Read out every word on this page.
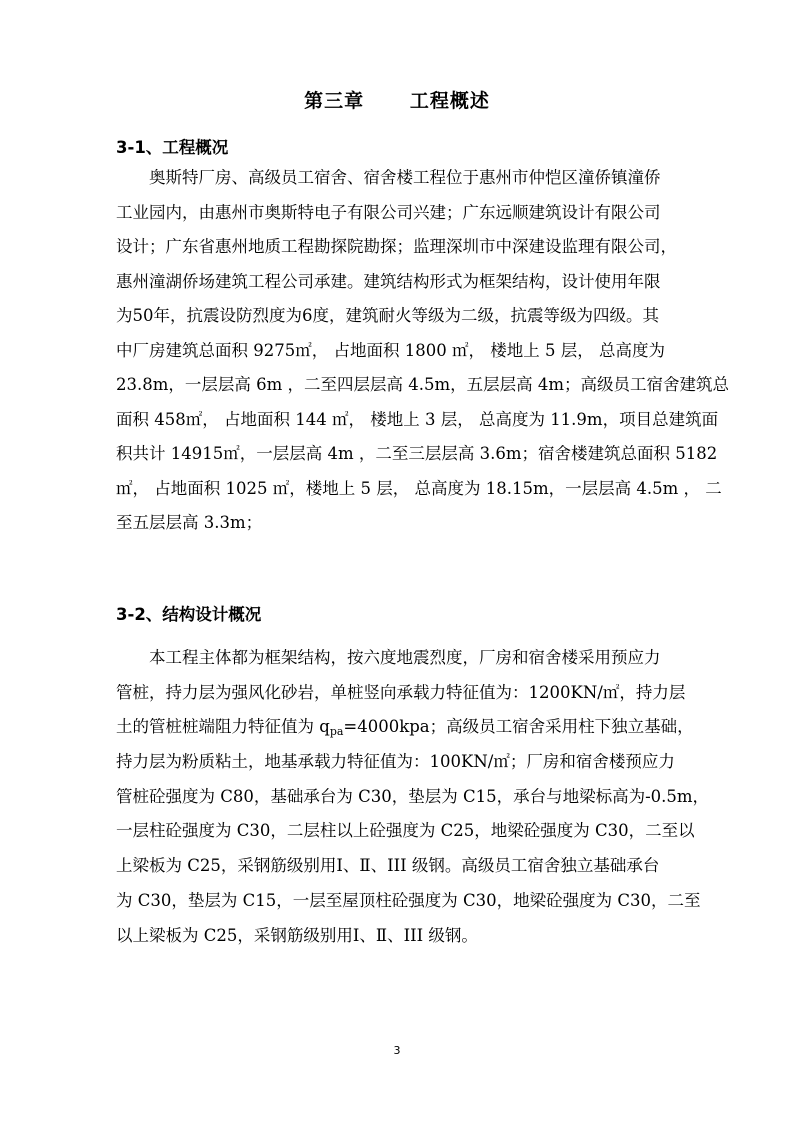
第三章      工程概述
3-1、工程概况
奥斯特厂房、高级员工宿舍、宿舍楼工程位于惠州市仲恺区潼侨镇潼侨
工业园内，由惠州市奥斯特电子有限公司兴建；广东远顺建筑设计有限公司
设计；广东省惠州地质工程勘探院勘探；监理深圳市中深建设监理有限公司，
惠州潼湖侨场建筑工程公司承建。建筑结构形式为框架结构，设计使用年限
为50年，抗震设防烈度为6度，建筑耐火等级为二级，抗震等级为四级。其
中厂房建筑总面积 9275㎡， 占地面积 1800 ㎡， 楼地上 5 层， 总高度为
23.8m，一层层高 6m ，二至四层层高 4.5m，五层层高 4m；高级员工宿舍建筑总
面积 458㎡， 占地面积 144 ㎡， 楼地上 3 层， 总高度为 11.9m，项目总建筑面
积共计 14915㎡，一层层高 4m ，二至三层层高 3.6m；宿舍楼建筑总面积 5182
㎡， 占地面积 1025 ㎡，楼地上 5 层， 总高度为 18.15m，一层层高 4.5m ， 二
至五层层高 3.3m；
3-2、结构设计概况
本工程主体都为框架结构，按六度地震烈度，厂房和宿舍楼采用预应力
管桩，持力层为强风化砂岩，单桩竖向承载力特征值为：1200KN/㎡，持力层
土的管桩桩端阻力特征值为 $q_{pa}=4000kpa$；高级员工宿舍采用柱下独立基础，
持力层为粉质粘土，地基承载力特征值为：100KN/㎡；厂房和宿舍楼预应力
管桩砼强度为 C80，基础承台为 C30，垫层为 C15，承台与地梁标高为-0.5m，
一层柱砼强度为 C30，二层柱以上砼强度为 C25，地梁砼强度为 C30，二至以
上梁板为 C25，采钢筋级别用Ⅰ、Ⅱ、III 级钢。高级员工宿舍独立基础承台
为 C30，垫层为 C15，一层至屋顶柱砼强度为 C30，地梁砼强度为 C30，二至
以上梁板为 C25，采钢筋级别用Ⅰ、Ⅱ、III 级钢。
3
